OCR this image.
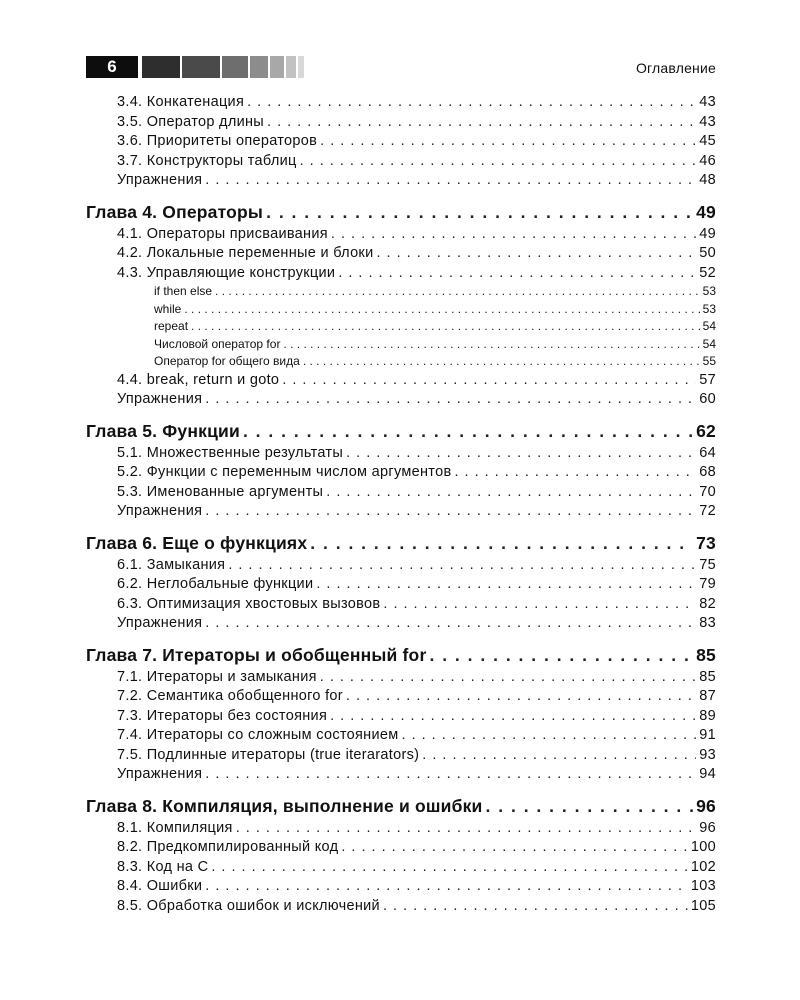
6	Оглавление
3.4. Конкатенация . . .	43
3.5. Оператор длины . . .	43
3.6. Приоритеты операторов . . .	45
3.7. Конструкторы таблиц . . .	46
Упражнения . . .	48
Глава 4. Операторы . . .	49
4.1. Операторы присваивания . . .	49
4.2. Локальные переменные и блоки . . .	50
4.3. Управляющие конструкции . . .	52
if then else . . .	53
while . . .	53
repeat . . .	54
Числовой оператор for . . .	54
Оператор for общего вида . . .	55
4.4. break, return и goto . . .	57
Упражнения . . .	60
Глава 5. Функции . . .	62
5.1. Множественные результаты . . .	64
5.2. Функции с переменным числом аргументов . . .	68
5.3. Именованные аргументы . . .	70
Упражнения . . .	72
Глава 6. Еще о функциях . . .	73
6.1. Замыкания . . .	75
6.2. Неглобальные функции . . .	79
6.3. Оптимизация хвостовых вызовов . . .	82
Упражнения . . .	83
Глава 7. Итераторы и обобщенный for . . .	85
7.1. Итераторы и замыкания . . .	85
7.2. Семантика обобщенного for . . .	87
7.3. Итераторы без состояния . . .	89
7.4. Итераторы со сложным состоянием . . .	91
7.5. Подлинные итераторы (true iterarators) . . .	93
Упражнения . . .	94
Глава 8. Компиляция, выполнение и ошибки . . .	96
8.1. Компиляция . . .	96
8.2. Предкомпилированный код . . .	100
8.3. Код на С . . .	102
8.4. Ошибки . . .	103
8.5. Обработка ошибок и исключений . . .	105
